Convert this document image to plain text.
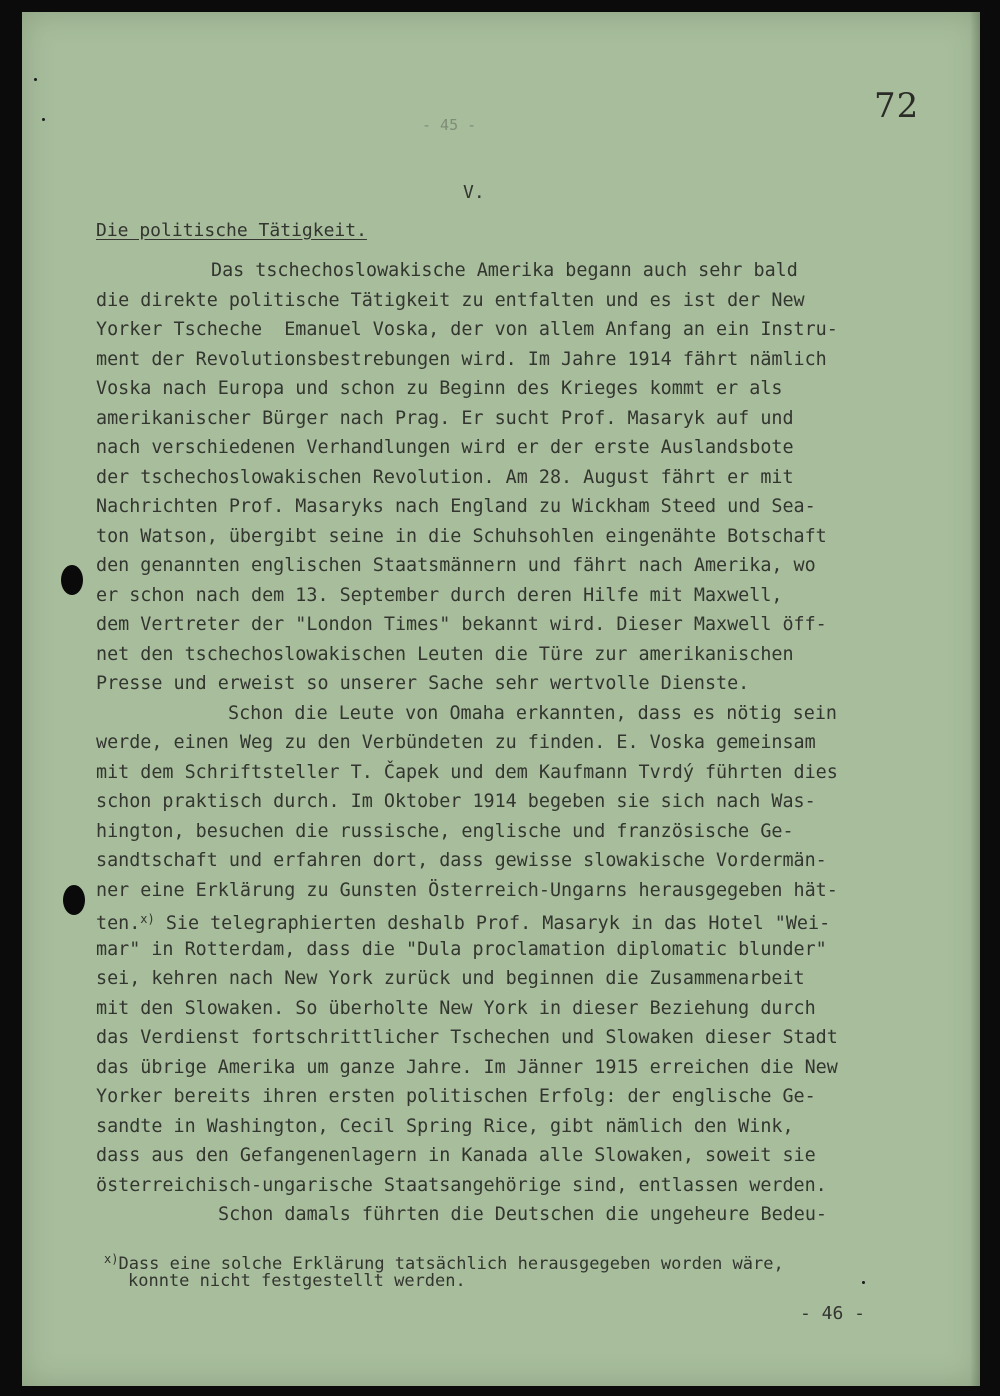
72
- 45 -
V.
Die politische Tätigkeit.
Das tschechoslowakische Amerika begann auch sehr bald
die direkte politische Tätigkeit zu entfalten und es ist der New
Yorker Tscheche  Emanuel Voska, der von allem Anfang an ein Instru-
ment der Revolutionsbestrebungen wird. Im Jahre 1914 fährt nämlich
Voska nach Europa und schon zu Beginn des Krieges kommt er als
amerikanischer Bürger nach Prag. Er sucht Prof. Masaryk auf und
nach verschiedenen Verhandlungen wird er der erste Auslandsbote
der tschechoslowakischen Revolution. Am 28. August fährt er mit
Nachrichten Prof. Masaryks nach England zu Wickham Steed und Sea-
ton Watson, übergibt seine in die Schuhsohlen eingenähte Botschaft
den genannten englischen Staatsmännern und fährt nach Amerika, wo
er schon nach dem 13. September durch deren Hilfe mit Maxwell,
dem Vertreter der "London Times" bekannt wird. Dieser Maxwell öff-
net den tschechoslowakischen Leuten die Türe zur amerikanischen
Presse und erweist so unserer Sache sehr wertvolle Dienste.
Schon die Leute von Omaha erkannten, dass es nötig sein
werde, einen Weg zu den Verbündeten zu finden. E. Voska gemeinsam
mit dem Schriftsteller T. Čapek und dem Kaufmann Tvrdý führten dies
schon praktisch durch. Im Oktober 1914 begeben sie sich nach Was-
hington, besuchen die russische, englische und französische Ge-
sandtschaft und erfahren dort, dass gewisse slowakische Vordermän-
ner eine Erklärung zu Gunsten Österreich-Ungarns herausgegeben hät-
ten.$^{x)}$ Sie telegraphierten deshalb Prof. Masaryk in das Hotel "Wei-
mar" in Rotterdam, dass die "Dula proclamation diplomatic blunder"
sei, kehren nach New York zurück und beginnen die Zusammenarbeit
mit den Slowaken. So überholte New York in dieser Beziehung durch
das Verdienst fortschrittlicher Tschechen und Slowaken dieser Stadt
das übrige Amerika um ganze Jahre. Im Jänner 1915 erreichen die New
Yorker bereits ihren ersten politischen Erfolg: der englische Ge-
sandte in Washington, Cecil Spring Rice, gibt nämlich den Wink,
dass aus den Gefangenenlagern in Kanada alle Slowaken, soweit sie
österreichisch-ungarische Staatsangehörige sind, entlassen werden.
Schon damals führten die Deutschen die ungeheure Bedeu-
$^{x)}$Dass eine solche Erklärung tatsächlich herausgegeben worden wäre,
konnte nicht festgestellt werden.
- 46 -
